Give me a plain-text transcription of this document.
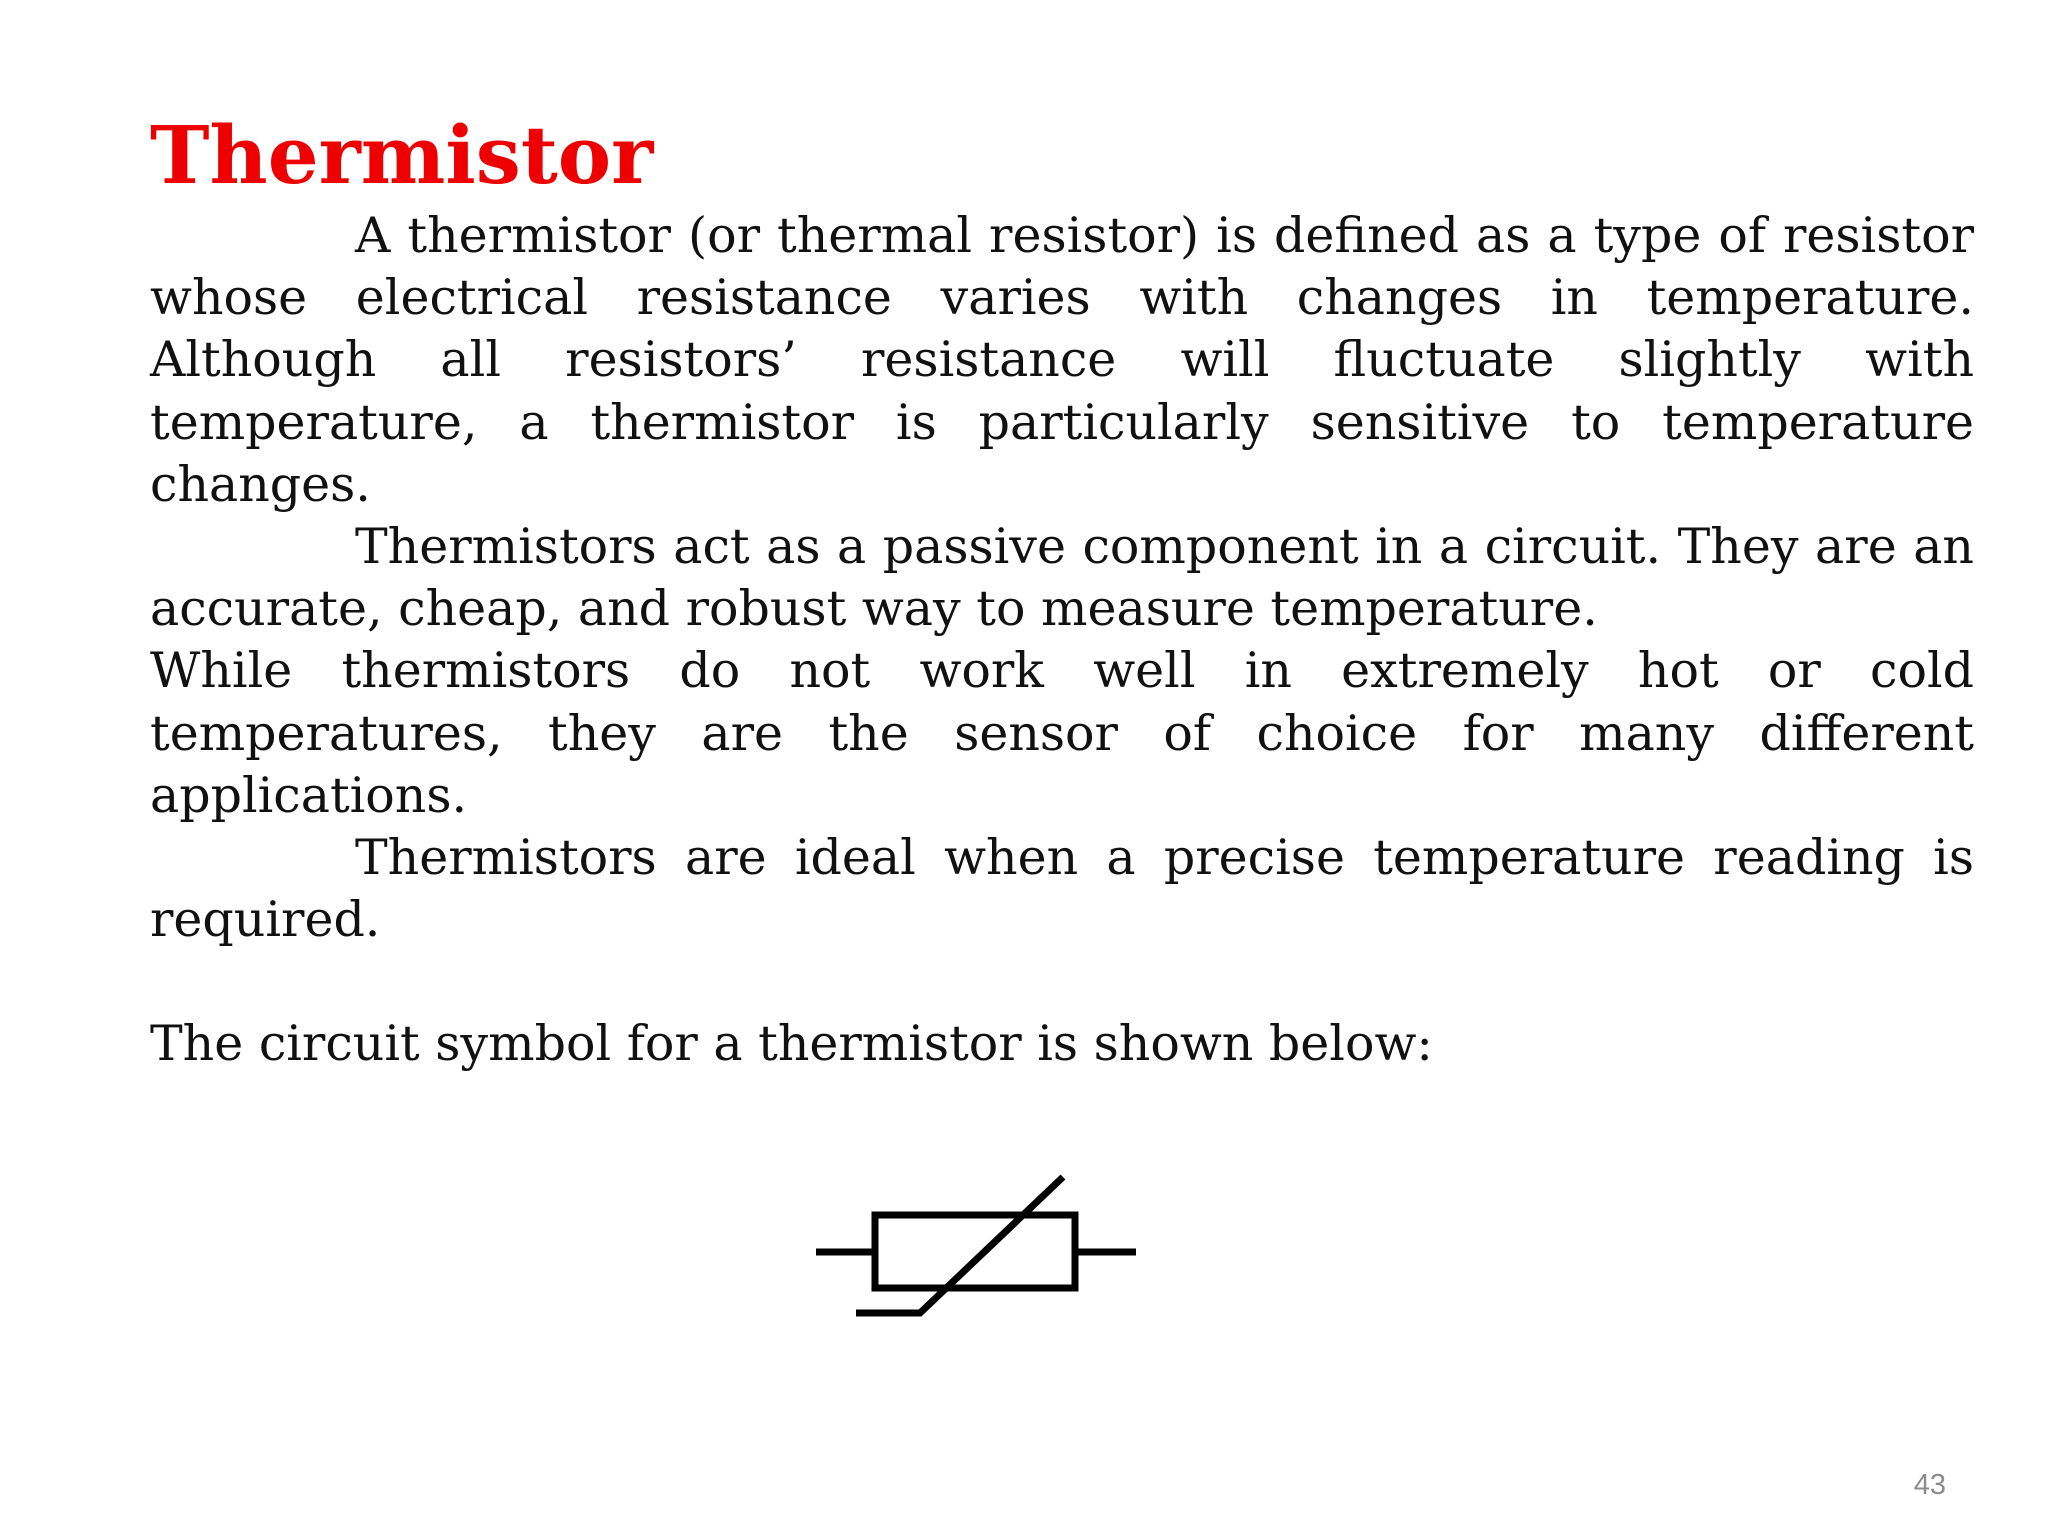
Thermistor

A thermistor (or thermal resistor) is defined as a type of resistor whose electrical resistance varies with changes in temperature. Although all resistors’ resistance will fluctuate slightly with temperature, a thermistor is particularly sensitive to temperature changes.

Thermistors act as a passive component in a circuit. They are an accurate, cheap, and robust way to measure temperature.

While thermistors do not work well in extremely hot or cold temperatures, they are the sensor of choice for many different applications.

Thermistors are ideal when a precise temperature reading is required.

The circuit symbol for a thermistor is shown below:

43
